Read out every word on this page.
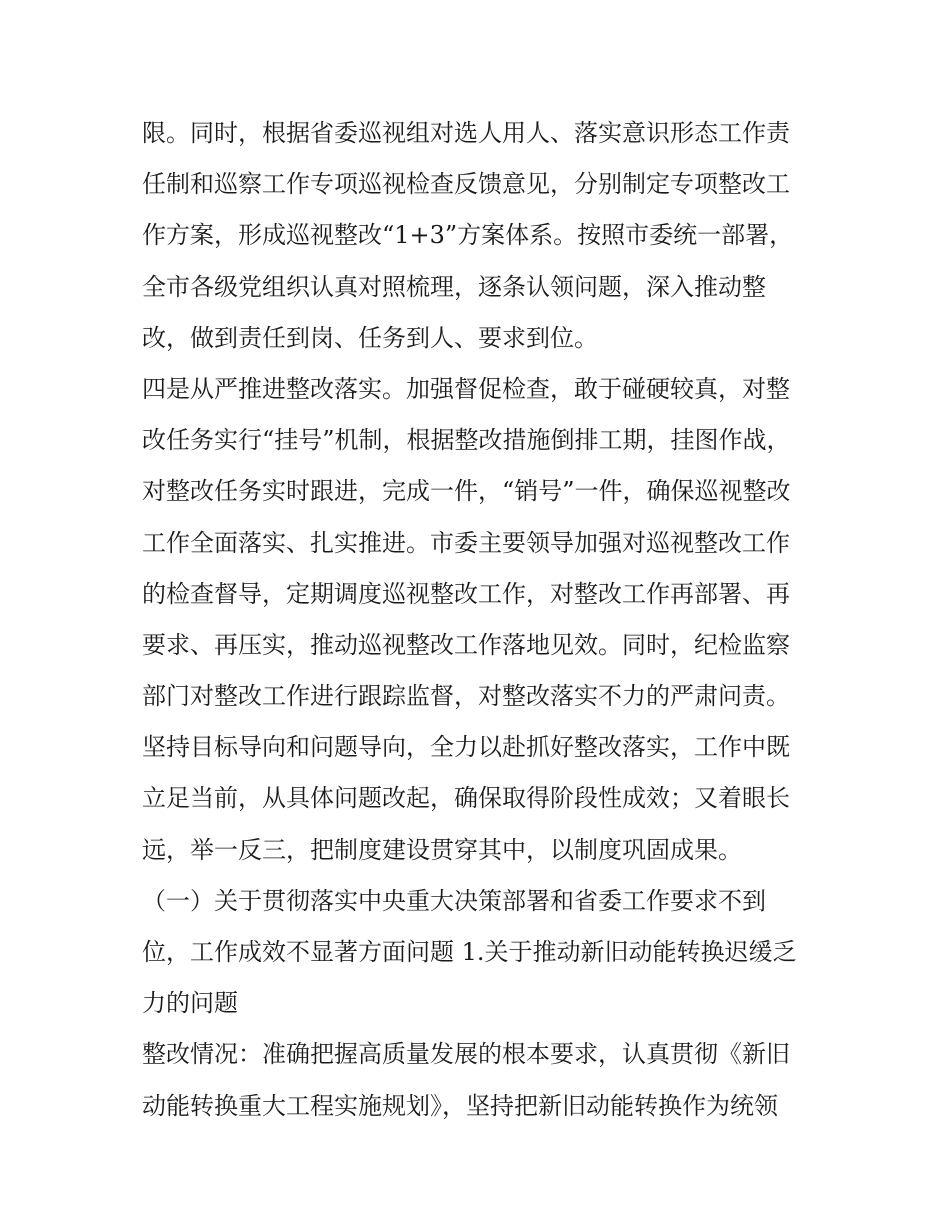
限。同时，根据省委巡视组对选人用人、落实意识形态工作责
任制和巡察工作专项巡视检查反馈意见，分别制定专项整改工
作方案，形成巡视整改“1+3”方案体系。按照市委统一部署，
全市各级党组织认真对照梳理，逐条认领问题，深入推动整
改，做到责任到岗、任务到人、要求到位。
四是从严推进整改落实。加强督促检查，敢于碰硬较真，对整
改任务实行“挂号”机制，根据整改措施倒排工期，挂图作战，
对整改任务实时跟进，完成一件，“销号”一件，确保巡视整改
工作全面落实、扎实推进。市委主要领导加强对巡视整改工作
的检查督导，定期调度巡视整改工作，对整改工作再部署、再
要求、再压实，推动巡视整改工作落地见效。同时，纪检监察
部门对整改工作进行跟踪监督，对整改落实不力的严肃问责。
坚持目标导向和问题导向，全力以赴抓好整改落实，工作中既
立足当前，从具体问题改起，确保取得阶段性成效；又着眼长
远，举一反三，把制度建设贯穿其中，以制度巩固成果。
（一）关于贯彻落实中央重大决策部署和省委工作要求不到
位，工作成效不显著方面问题 1.关于推动新旧动能转换迟缓乏
力的问题
整改情况：准确把握高质量发展的根本要求，认真贯彻《新旧
动能转换重大工程实施规划》，坚持把新旧动能转换作为统领
